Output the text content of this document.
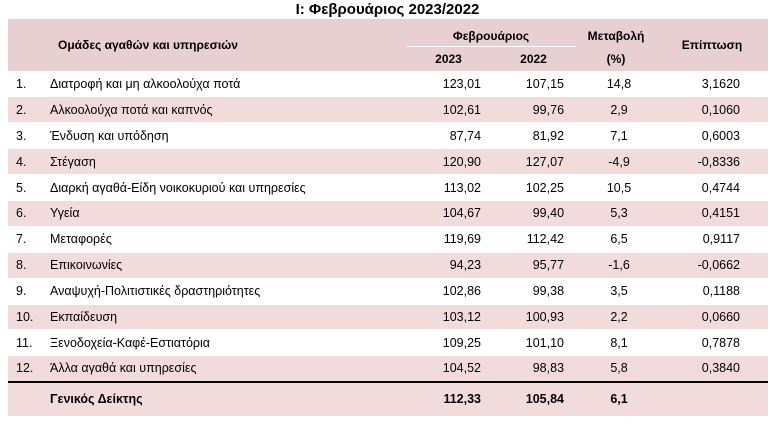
I: Φεβρουάριος 2023/2022
Ομάδες αγαθών και υπηρεσιών		Φεβρουάριος		Μεταβολή	Επίπτωση
		2023	2022	(%)	
1.	Διατροφή και μη αλκοολούχα ποτά	123,01	107,15	14,8	3,1620
2.	Αλκοολούχα ποτά και καπνός	102,61	99,76	2,9	0,1060
3.	Ένδυση και υπόδηση	87,74	81,92	7,1	0,6003
4.	Στέγαση	120,90	127,07	-4,9	-0,8336
5.	Διαρκή αγαθά-Είδη νοικοκυριού και υπηρεσίες	113,02	102,25	10,5	0,4744
6.	Υγεία	104,67	99,40	5,3	0,4151
7.	Μεταφορές	119,69	112,42	6,5	0,9117
8.	Επικοινωνίες	94,23	95,77	-1,6	-0,0662
9.	Αναψυχή-Πολιτιστικές δραστηριότητες	102,86	99,38	3,5	0,1188
10.	Εκπαίδευση	103,12	100,93	2,2	0,0660
11.	Ξενοδοχεία-Καφέ-Εστιατόρια	109,25	101,10	8,1	0,7878
12.	Άλλα αγαθά και υπηρεσίες	104,52	98,83	5,8	0,3840
	Γενικός Δείκτης	112,33	105,84	6,1	
